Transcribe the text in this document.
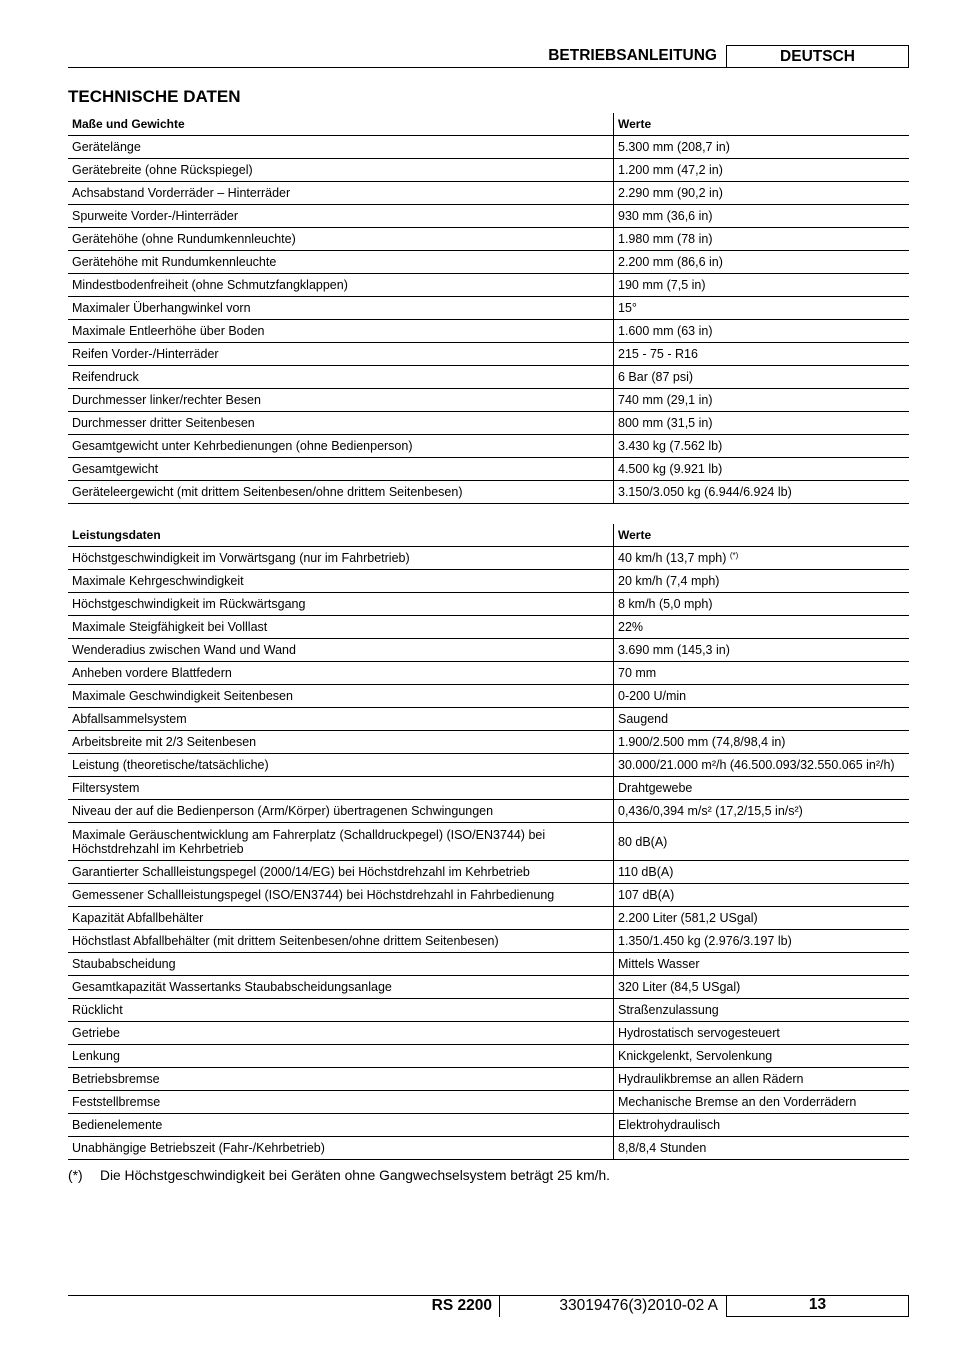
BETRIEBSANLEITUNG	DEUTSCH
TECHNISCHE DATEN
Maße und Gewichte	Werte
Gerätelänge	5.300 mm (208,7 in)
Gerätebreite (ohne Rückspiegel)	1.200 mm (47,2 in)
Achsabstand Vorderräder – Hinterräder	2.290 mm (90,2 in)
Spurweite Vorder-/Hinterräder	930 mm (36,6 in)
Gerätehöhe (ohne Rundumkennleuchte)	1.980 mm (78 in)
Gerätehöhe mit Rundumkennleuchte	2.200 mm (86,6 in)
Mindestbodenfreiheit (ohne Schmutzfangklappen)	190 mm (7,5 in)
Maximaler Überhangwinkel vorn	15°
Maximale Entleerhöhe über Boden	1.600 mm (63 in)
Reifen Vorder-/Hinterräder	215 - 75 - R16
Reifendruck	6 Bar (87 psi)
Durchmesser linker/rechter Besen	740 mm (29,1 in)
Durchmesser dritter Seitenbesen	800 mm (31,5 in)
Gesamtgewicht unter Kehrbedienungen (ohne Bedienperson)	3.430 kg (7.562 lb)
Gesamtgewicht	4.500 kg (9.921 lb)
Geräteleergewicht (mit drittem Seitenbesen/ohne drittem Seitenbesen)	3.150/3.050 kg (6.944/6.924 lb)
Leistungsdaten	Werte
Höchstgeschwindigkeit im Vorwärtsgang (nur im Fahrbetrieb)	40 km/h (13,7 mph) (*)
Maximale Kehrgeschwindigkeit	20 km/h (7,4 mph)
Höchstgeschwindigkeit im Rückwärtsgang	8 km/h (5,0 mph)
Maximale Steigfähigkeit bei Volllast	22%
Wenderadius zwischen Wand und Wand	3.690 mm (145,3 in)
Anheben vordere Blattfedern	70 mm
Maximale Geschwindigkeit Seitenbesen	0-200 U/min
Abfallsammelsystem	Saugend
Arbeitsbreite mit 2/3 Seitenbesen	1.900/2.500 mm (74,8/98,4 in)
Leistung (theoretische/tatsächliche)	30.000/21.000 m²/h (46.500.093/32.550.065 in²/h)
Filtersystem	Drahtgewebe
Niveau der auf die Bedienperson (Arm/Körper) übertragenen Schwingungen	0,436/0,394 m/s² (17,2/15,5 in/s²)
Maximale Geräuschentwicklung am Fahrerplatz (Schalldruckpegel) (ISO/EN3744) bei Höchstdrehzahl im Kehrbetrieb	80 dB(A)
Garantierter Schallleistungspegel (2000/14/EG) bei Höchstdrehzahl im Kehrbetrieb	110 dB(A)
Gemessener Schallleistungspegel (ISO/EN3744) bei Höchstdrehzahl in Fahrbedienung	107 dB(A)
Kapazität Abfallbehälter	2.200 Liter (581,2 USgal)
Höchstlast Abfallbehälter (mit drittem Seitenbesen/ohne drittem Seitenbesen)	1.350/1.450 kg (2.976/3.197 lb)
Staubabscheidung	Mittels Wasser
Gesamtkapazität Wassertanks Staubabscheidungsanlage	320 Liter (84,5 USgal)
Rücklicht	Straßenzulassung
Getriebe	Hydrostatisch servogesteuert
Lenkung	Knickgelenkt, Servolenkung
Betriebsbremse	Hydraulikbremse an allen Rädern
Feststellbremse	Mechanische Bremse an den Vorderrädern
Bedienelemente	Elektrohydraulisch
Unabhängige Betriebszeit (Fahr-/Kehrbetrieb)	8,8/8,4 Stunden
(*) Die Höchstgeschwindigkeit bei Geräten ohne Gangwechselsystem beträgt 25 km/h.
RS 2200	33019476(3)2010-02 A	13
